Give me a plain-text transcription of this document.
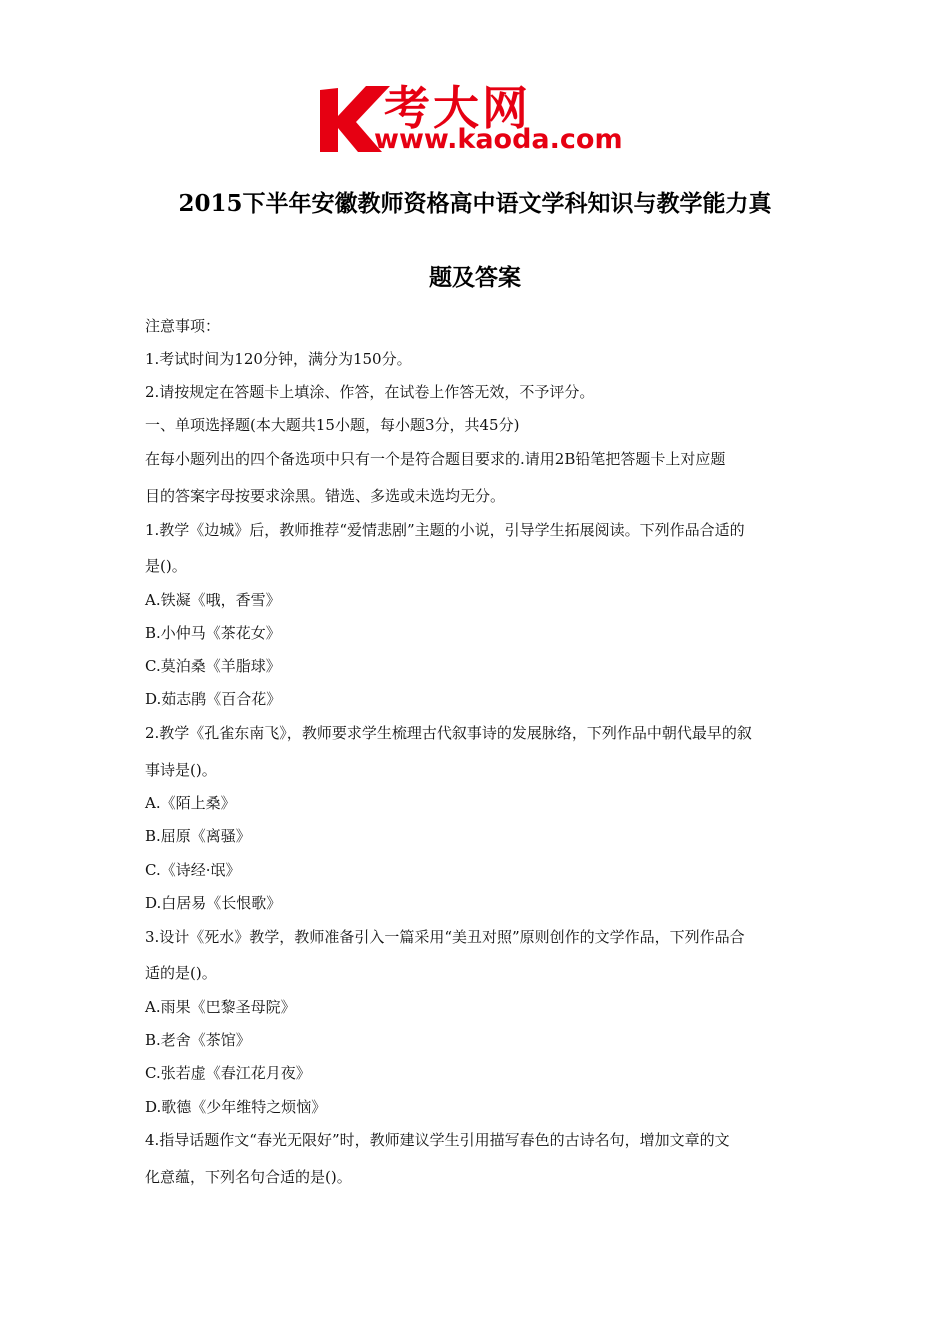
考大网
www.kaoda.com
2015下半年安徽教师资格高中语文学科知识与教学能力真
题及答案
注意事项：
1.考试时间为120分钟，满分为150分。
2.请按规定在答题卡上填涂、作答，在试卷上作答无效，不予评分。
一、单项选择题(本大题共15小题，每小题3分，共45分)
在每小题列出的四个备选项中只有一个是符合题目要求的.请用2B铅笔把答题卡上对应题
目的答案字母按要求涂黑。错选、多选或未选均无分。
1.教学《边城》后，教师推荐“爱情悲剧”主题的小说，引导学生拓展阅读。下列作品合适的
是()。
A.铁凝《哦，香雪》
B.小仲马《茶花女》
C.莫泊桑《羊脂球》
D.茹志鹃《百合花》
2.教学《孔雀东南飞》，教师要求学生梳理古代叙事诗的发展脉络，下列作品中朝代最早的叙
事诗是()。
A.《陌上桑》
B.屈原《离骚》
C.《诗经·氓》
D.白居易《长恨歌》
3.设计《死水》教学，教师准备引入一篇采用“美丑对照”原则创作的文学作品，下列作品合
适的是()。
A.雨果《巴黎圣母院》
B.老舍《茶馆》
C.张若虚《春江花月夜》
D.歌德《少年维特之烦恼》
4.指导话题作文“春光无限好”时，教师建议学生引用描写春色的古诗名句，增加文章的文
化意蕴，下列名句合适的是()。
